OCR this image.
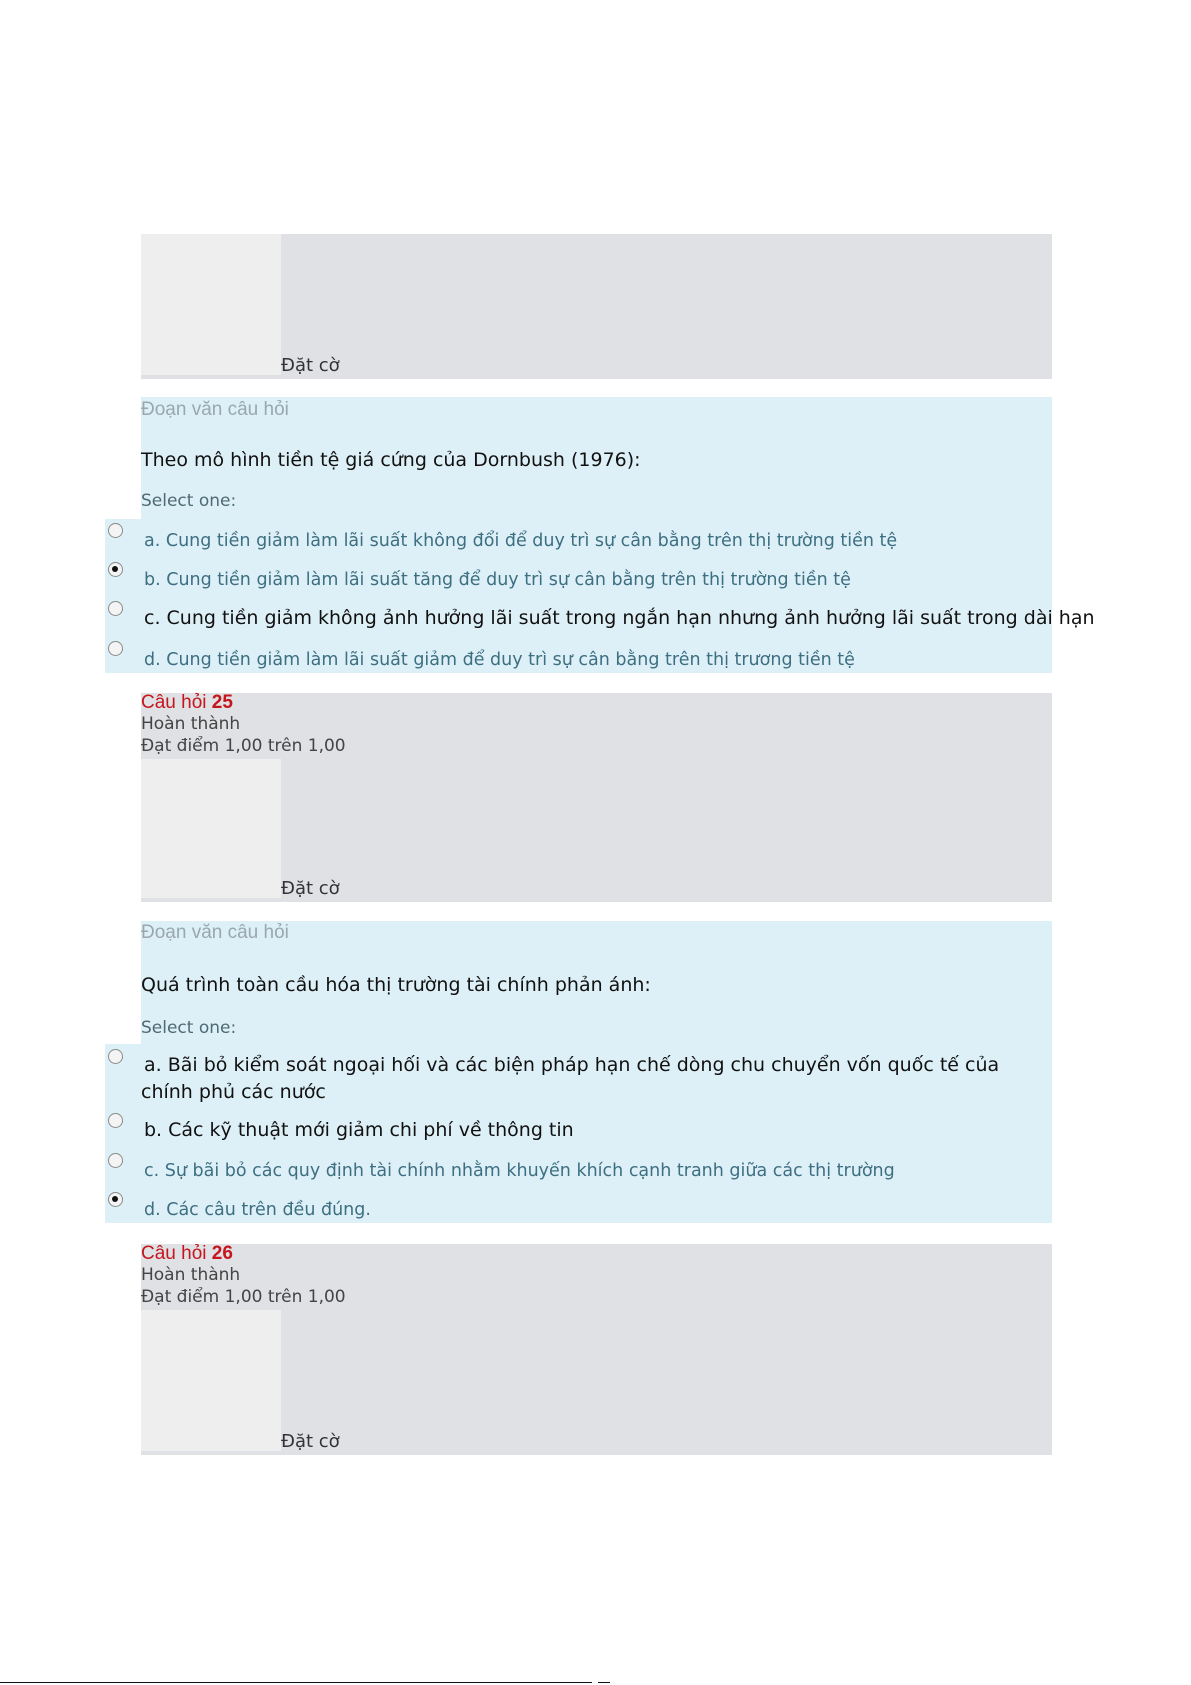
Đặt cờ
Đoạn văn câu hỏi
Theo mô hình tiền tệ giá cứng của Dornbush (1976):
Select one:
a. Cung tiền giảm làm lãi suất không đổi để duy trì sự cân bằng trên thị trường tiền tệ
b. Cung tiền giảm làm lãi suất tăng để duy trì sự cân bằng trên thị trường tiền tệ
c. Cung tiền giảm không ảnh hưởng lãi suất trong ngắn hạn nhưng ảnh hưởng lãi suất trong dài hạn
d. Cung tiền giảm làm lãi suất giảm để duy trì sự cân bằng trên thị trương tiền tệ
Câu hỏi 25
Hoàn thành
Đạt điểm 1,00 trên 1,00
Đặt cờ
Đoạn văn câu hỏi
Quá trình toàn cầu hóa thị trường tài chính phản ánh:
Select one:
a. Bãi bỏ kiểm soát ngoại hối và các biện pháp hạn chế dòng chu chuyển vốn quốc tế của chính phủ các nước
b. Các kỹ thuật mới giảm chi phí về thông tin
c. Sự bãi bỏ các quy định tài chính nhằm khuyến khích cạnh tranh giữa các thị trường
d. Các câu trên đều đúng.
Câu hỏi 26
Hoàn thành
Đạt điểm 1,00 trên 1,00
Đặt cờ
